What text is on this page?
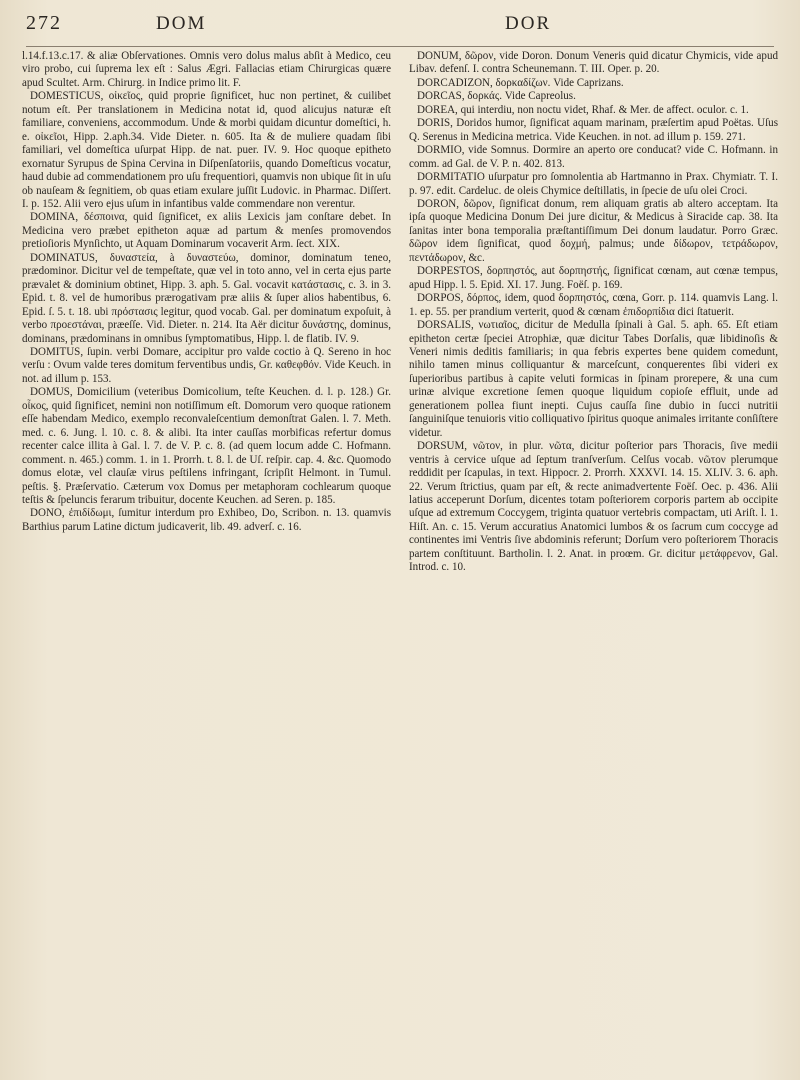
272	DOM	DOR

l.14.f.13.c.17. & aliæ Obſervationes. Omnis vero dolus malus abſit à Medico, ceu viro probo, cui ſuprema lex eſt : Salus Ægri. Fallacias etiam Chirurgicas quære apud Scultet. Arm. Chirurg. in Indice primo lit. F.

DOMESTICUS, οἰκεῖος, quid proprie ſignificet, huc non pertinet, & cuilibet notum eſt. Per translationem in Medicina notat id, quod alicujus naturæ eſt familiare, conveniens, accommodum. Unde & morbi quidam dicuntur domeſtici, h. e. οἰκεῖοι, Hipp. 2.aph.34. Vide Dieter. n. 605. Ita & de muliere quadam ſibi familiari, vel domeſtica uſurpat Hipp. de nat. puer. IV. 9. Hoc quoque epitheto exornatur Syrupus de Spina Cervina in Diſpenſatoriis, quando Domeſticus vocatur, haud dubie ad commendationem pro uſu frequentiori, quamvis non ubique ſit in uſu ob nauſeam & ſegnitiem, ob quas etiam exulare juſſit Ludovic. in Pharmac. Diſſert. I. p. 152. Alii vero ejus uſum in infantibus valde commendare non verentur.

DOMINA, δέσποινα, quid ſignificet, ex aliis Lexicis jam conſtare debet. In Medicina vero præbet epitheton aquæ ad partum & menſes promovendos pretioſioris Mynſichto, ut Aquam Dominarum vocaverit Arm. ſect. XIX.

DOMINATUS, δυναστεία, à δυναστεύω, dominor, dominatum teneo, prædominor. Dicitur vel de tempeſtate, quæ vel in toto anno, vel in certa ejus parte prævalet & dominium obtinet, Hipp. 3. aph. 5. Gal. vocavit κατάστασις, c. 3. in 3. Epid. t. 8. vel de humoribus prærogativam præ aliis & ſuper alios habentibus, 6. Epid. ſ. 5. t. 18. ubi πρόστασις legitur, quod vocab. Gal. per dominatum expoſuit, à verbo προεστάναι, præeſſe. Vid. Dieter. n. 214. Ita Aër dicitur δυνάστης, dominus, dominans, prædominans in omnibus ſymptomatibus, Hipp. l. de flatib. IV. 9.

DOMITUS, ſupin. verbi Domare, accipitur pro valde coctio à Q. Sereno in hoc verſu : Ovum valde teres domitum ferventibus undis, Gr. καθεφθόν. Vide Keuch. in not. ad illum p. 153.

DOMUS, Domicilium (veteribus Domicolium, teſte Keuchen. d. l. p. 128.) Gr. οἶκος, quid ſignificet, nemini non notiſſimum eſt. Domorum vero quoque rationem eſſe habendam Medico, exemplo reconvaleſcentium demonſtrat Galen. l. 7. Meth. med. c. 6. Jung. l. 10. c. 8. & alibi. Ita inter cauſſas morbificas refertur domus recenter calce illita à Gal. l. 7. de V. P. c. 8. (ad quem locum adde C. Hofmann. comment. n. 465.) comm. 1. in 1. Prorrh. t. 8. l. de Uſ. reſpir. cap. 4. &c. Quomodo domus elotæ, vel clauſæ virus peſtilens infringant, ſcripſit Helmont. in Tumul. peſtis. §. Præſervatio. Cæterum vox Domus per metaphoram cochlearum quoque teſtis & ſpeluncis ferarum tribuitur, docente Keuchen. ad Seren. p. 185.

DONO, ἐπιδίδωμι, ſumitur interdum pro Exhibeo, Do, Scribon. n. 13. quamvis Barthius parum Latine dictum judicaverit, lib. 49. adverſ. c. 16.

DONUM, δῶρον, vide Doron. Donum Veneris quid dicatur Chymicis, vide apud Libav. defenſ. I. contra Scheunemann. T. III. Oper. p. 20.

DORCADIZON, δορκαδίζων. Vide Caprizans.

DORCAS, δορκάς. Vide Capreolus.

DOREA, qui interdiu, non noctu videt, Rhaf. & Mer. de affect. oculor. c. 1.

DORIS, Doridos humor, ſignificat aquam marinam, præſertim apud Poëtas. Uſus Q. Serenus in Medicina metrica. Vide Keuchen. in not. ad illum p. 159. 271.

DORMIO, vide Somnus. Dormire an aperto ore conducat? vide C. Hofmann. in comm. ad Gal. de V. P. n. 402. 813.

DORMITATIO uſurpatur pro ſomnolentia ab Hartmanno in Prax. Chymiatr. T. I. p. 97. edit. Cardeluc. de oleis Chymice deſtillatis, in ſpecie de uſu olei Croci.

DORON, δῶρον, ſignificat donum, rem aliquam gratis ab altero acceptam. Ita ipſa quoque Medicina Donum Dei jure dicitur, & Medicus à Siracide cap. 38. Ita ſanitas inter bona temporalia præſtantiſſimum Dei donum laudatur. Porro Græc. δῶρον idem ſignificat, quod δοχμή, palmus; unde δίδωρον, τετράδωρον, πεντάδωρον, &c.

DORPESTOS, δορπηστός, aut δορπηστής, ſignificat cœnam, aut cœnæ tempus, apud Hipp. l. 5. Epid. XI. 17. Jung. Foëſ. p. 169.

DORPOS, δόρπος, idem, quod δορπηστός, cœna, Gorr. p. 114. quamvis Lang. l. 1. ep. 55. per prandium verterit, quod & cœnam ἐπιδορπίδια dici ſtatuerit.

DORSALIS, νωτιαῖος, dicitur de Medulla ſpinali à Gal. 5. aph. 65. Eſt etiam epitheton certæ ſpeciei Atrophiæ, quæ dicitur Tabes Dorſalis, quæ libidinoſis & Veneri nimis deditis familiaris; in qua febris expertes bene quidem comedunt, nihilo tamen minus colliquantur & marceſcunt, conquerentes ſibi videri ex ſuperioribus partibus à capite veluti formicas in ſpinam prorepere, & una cum urinæ alvique excretione ſemen quoque liquidum copioſe effluit, unde ad generationem pollea fiunt inepti. Cujus cauſſa ſine dubio in ſucci nutritii ſanguiniſque tenuioris vitio colliquativo ſpiritus quoque animales irritante conſiſtere videtur.

DORSUM, νῶτον, in plur. νῶτα, dicitur poſterior pars Thoracis, ſive medii ventris à cervice uſque ad ſeptum tranſverſum. Celſus vocab. νῶτον plerumque reddidit per ſcapulas, in text. Hippocr. 2. Prorrh. XXXVI. 14. 15. XLIV. 3. 6. aph. 22. Verum ſtrictius, quam par eſt, & recte animadvertente Foëſ. Oec. p. 436. Alii latius acceperunt Dorſum, dicentes totam poſteriorem corporis partem ab occipite uſque ad extremum Coccygem, triginta quatuor vertebris compactam, uti Ariſt. l. 1. Hiſt. An. c. 15. Verum accuratius Anatomici lumbos & os ſacrum cum coccyge ad continentes imi Ventris ſive abdominis referunt; Dorſum vero poſteriorem Thoracis partem conſtituunt. Bartholin. l. 2. Anat. in proœm. Gr. dicitur μετάφρενον, Gal. Introd. c. 10.
